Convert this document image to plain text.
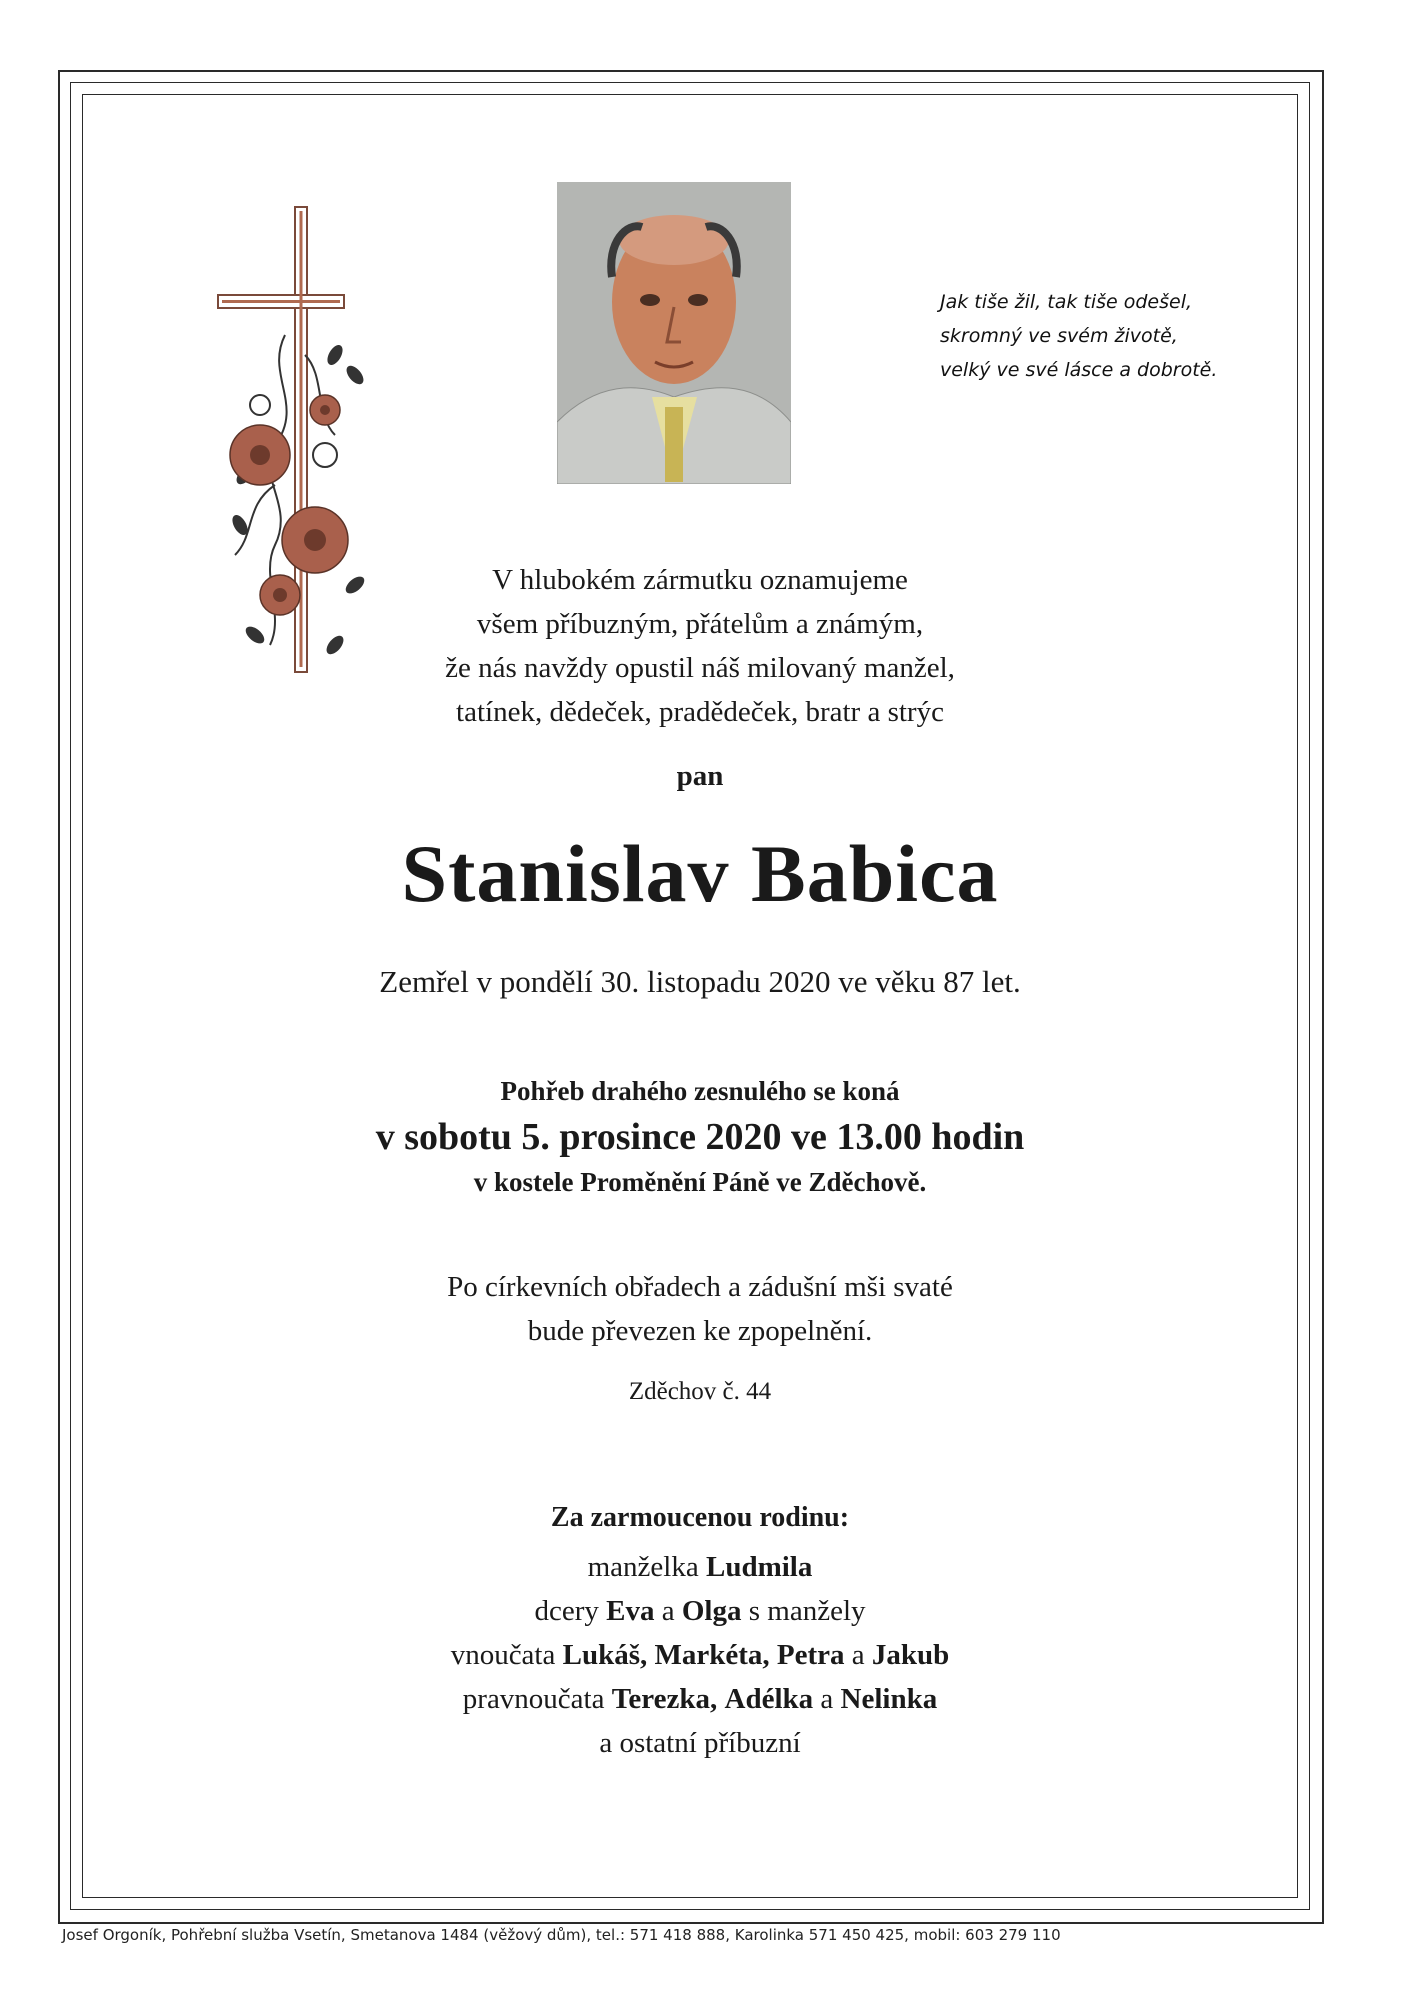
Jak tiše žil, tak tiše odešel,
skromný ve svém životě,
velký ve své lásce a dobrotě.
V hlubokém zármutku oznamujeme
všem příbuzným, přátelům a známým,
že nás navždy opustil náš milovaný manžel,
tatínek, dědeček, pradědeček, bratr a strýc
pan
Stanislav Babica
Zemřel v pondělí 30. listopadu 2020 ve věku 87 let.
Pohřeb drahého zesnulého se koná
v sobotu 5. prosince 2020 ve 13.00 hodin
v kostele Proměnění Páně ve Zděchově.
Po církevních obřadech a zádušní mši svaté
bude převezen ke zpopelnění.
Zděchov č. 44
Za zarmoucenou rodinu:
manželka Ludmila
dcery Eva a Olga s manžely
vnoučata Lukáš, Markéta, Petra a Jakub
pravnoučata Terezka, Adélka a Nelinka
a ostatní příbuzní
Josef Orgoník, Pohřební služba Vsetín, Smetanova 1484 (věžový dům), tel.: 571 418 888, Karolinka 571 450 425, mobil: 603 279 110
